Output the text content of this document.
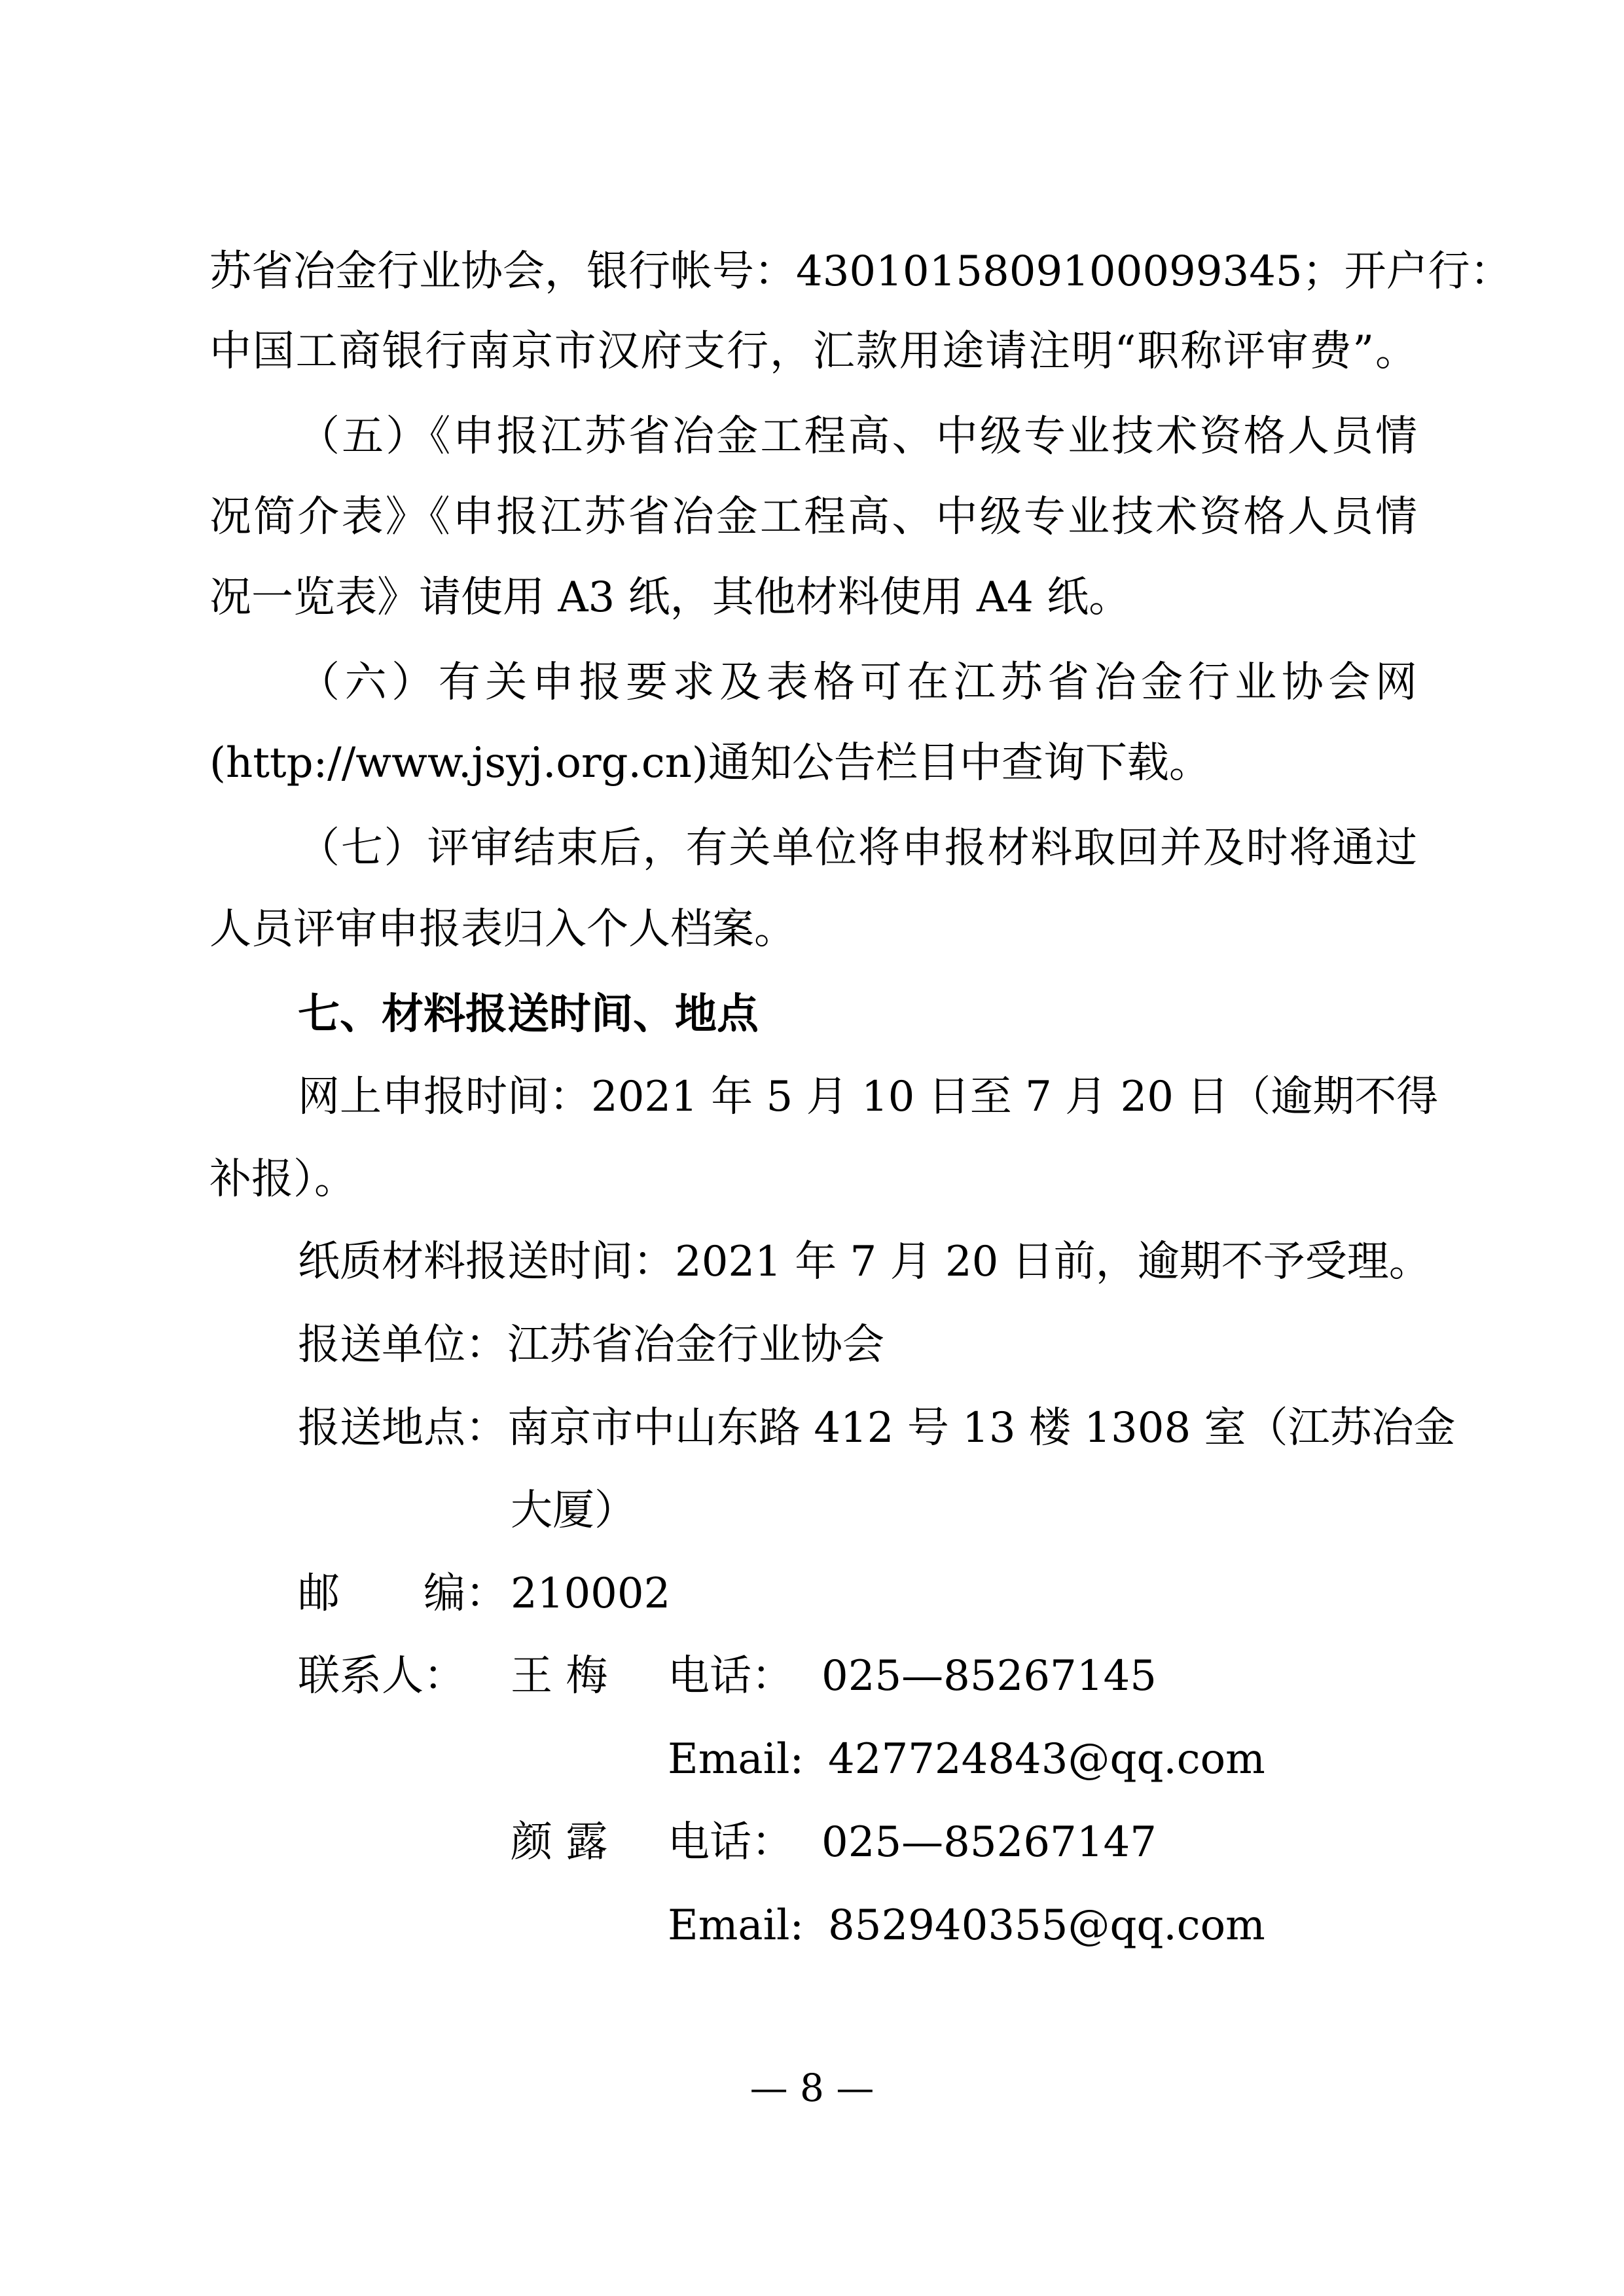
苏省冶金行业协会，银行帐号：4301015809100099345；开户行：

中国工商银行南京市汉府支行，汇款用途请注明“职称评审费”。

（五）《申报江苏省冶金工程高、中级专业技术资格人员情

况简介表》《申报江苏省冶金工程高、中级专业技术资格人员情

况一览表》请使用 A3 纸，其他材料使用 A4 纸。

（六）有关申报要求及表格可在江苏省冶金行业协会网

(http://www.jsyj.org.cn)通知公告栏目中查询下载。

（七）评审结束后，有关单位将申报材料取回并及时将通过

人员评审申报表归入个人档案。

七、材料报送时间、地点

网上申报时间：2021 年 5 月 10 日至 7 月 20 日（逾期不得

补报）。

纸质材料报送时间：2021 年 7 月 20 日前，逾期不予受理。

报送单位：江苏省冶金行业协会

报送地点：南京市中山东路 412 号 13 楼 1308 室（江苏冶金

大厦）

邮　　编： 210002

联系人： 王 梅 电话： 025—85267145
Email: 427724843@qq.com
颜 露 电话： 025—85267147
Email: 852940355@qq.com
— 8 —
